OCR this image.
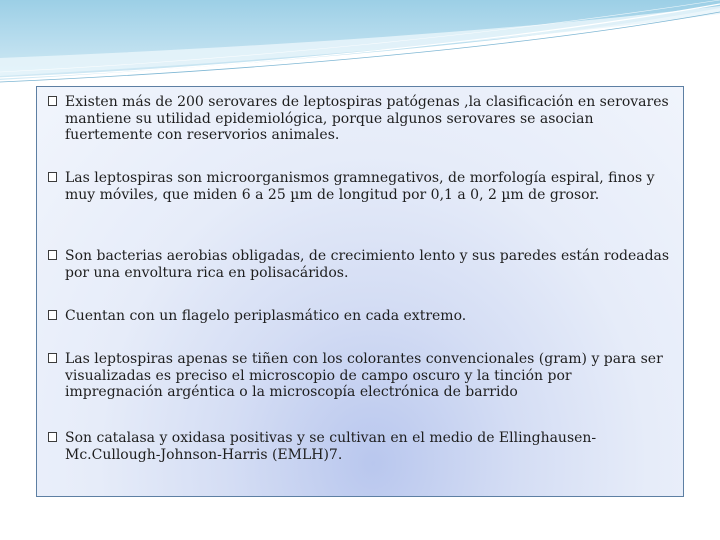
Existen más de 200 serovares de leptospiras patógenas ,la clasificación en serovares mantiene su utilidad epidemiológica, porque algunos serovares se asocian fuertemente con reservorios animales.
Las leptospiras son microorganismos gramnegativos, de morfología espiral, finos y muy móviles, que miden 6 a 25 µm de longitud por 0,1 a 0, 2 µm de grosor.
Son bacterias aerobias obligadas, de crecimiento lento y sus paredes están rodeadas por una envoltura rica en polisacáridos.
Cuentan con un flagelo periplasmático en cada extremo.
Las leptospiras apenas se tiñen con los colorantes convencionales (gram) y para ser visualizadas es preciso el microscopio de campo oscuro y la tinción por impregnación argéntica o la microscopía electrónica de barrido
Son catalasa y oxidasa positivas y se cultivan en el medio de Ellinghausen-Mc.Cullough-Johnson-Harris (EMLH)7.
